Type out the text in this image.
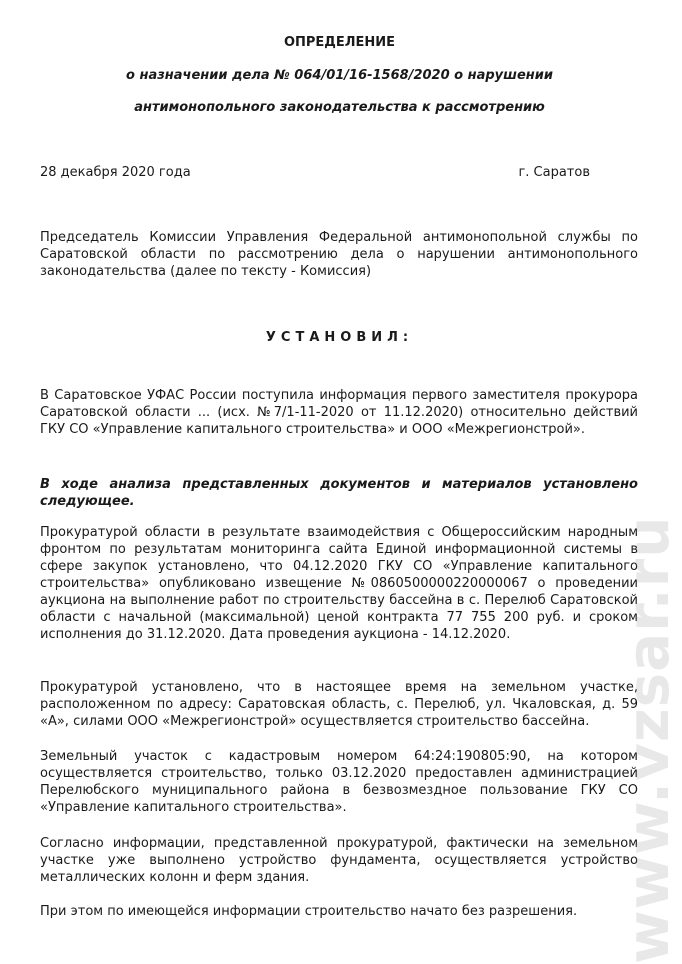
ОПРЕДЕЛЕНИЕ
о назначении дела № 064/01/16-1568/2020 о нарушении
антимонопольного законодательства к рассмотрению
28 декабря 2020 года	г. Саратов

Председатель Комиссии Управления Федеральной антимонопольной службы по Саратовской области по рассмотрению дела о нарушении антимонопольного законодательства (далее по тексту - Комиссия)

УСТАНОВИЛ:

В Саратовское УФАС России поступила информация первого заместителя прокурора Саратовской области ... (исх. №7/1-11-2020 от 11.12.2020) относительно действий ГКУ СО «Управление капитального строительства» и ООО «Межрегионстрой».

В ходе анализа представленных документов и материалов установлено следующее.

Прокуратурой области в результате взаимодействия с Общероссийским народным фронтом по результатам мониторинга сайта Единой информационной системы в сфере закупок установлено, что 04.12.2020 ГКУ СО «Управление капитального строительства» опубликовано извещение №0860500000220000067 о проведении аукциона на выполнение работ по строительству бассейна в с. Перелюб Саратовской области с начальной (максимальной) ценой контракта 77 755 200 руб. и сроком исполнения до 31.12.2020. Дата проведения аукциона - 14.12.2020.

Прокуратурой установлено, что в настоящее время на земельном участке, расположенном по адресу: Саратовская область, с. Перелюб, ул. Чкаловская, д. 59 «А», силами ООО «Межрегионстрой» осуществляется строительство бассейна.

Земельный участок с кадастровым номером 64:24:190805:90, на котором осуществляется строительство, только 03.12.2020 предоставлен администрацией Перелюбского муниципального района в безвозмездное пользование ГКУ СО «Управление капитального строительства».

Согласно информации, представленной прокуратурой, фактически на земельном участке уже выполнено устройство фундамента, осуществляется устройство металлических колонн и ферм здания.

При этом по имеющейся информации строительство начато без разрешения. www.vzsar.ru
